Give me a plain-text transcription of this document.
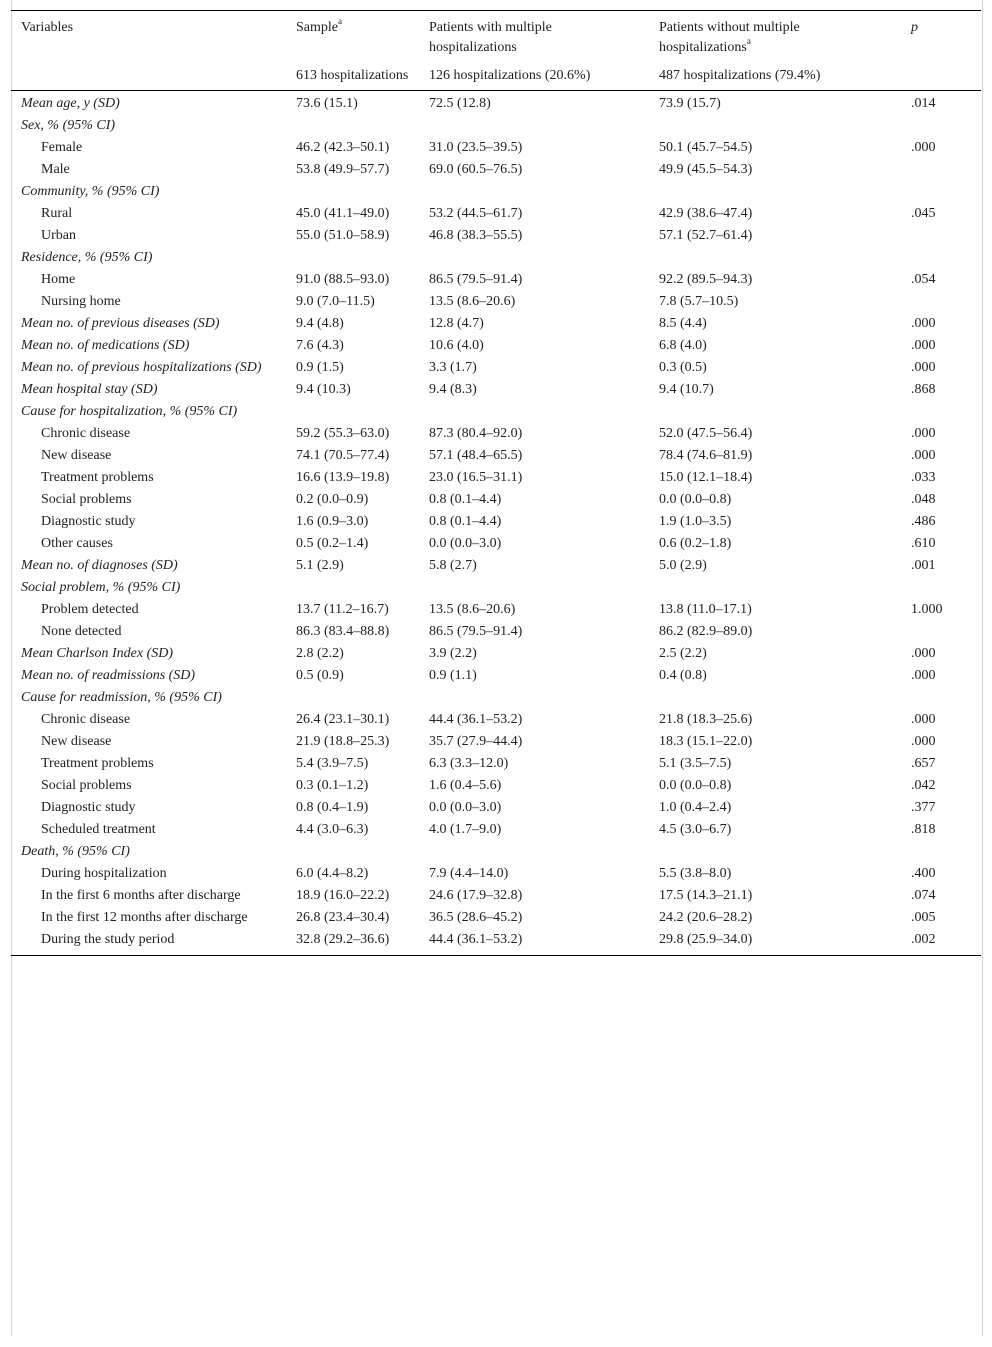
Variables	Sample$^a$	Patients with multiple hospitalizations	Patients without multiple hospitalizations$^a$	p
	613 hospitalizations	126 hospitalizations (20.6%)	487 hospitalizations (79.4%)	
Mean age, y (SD)	73.6 (15.1)	72.5 (12.8)	73.9 (15.7)	.014
Sex, % (95% CI)				
Female	46.2 (42.3–50.1)	31.0 (23.5–39.5)	50.1 (45.7–54.5)	.000
Male	53.8 (49.9–57.7)	69.0 (60.5–76.5)	49.9 (45.5–54.3)	
Community, % (95% CI)				
Rural	45.0 (41.1–49.0)	53.2 (44.5–61.7)	42.9 (38.6–47.4)	.045
Urban	55.0 (51.0–58.9)	46.8 (38.3–55.5)	57.1 (52.7–61.4)	
Residence, % (95% CI)				
Home	91.0 (88.5–93.0)	86.5 (79.5–91.4)	92.2 (89.5–94.3)	.054
Nursing home	9.0 (7.0–11.5)	13.5 (8.6–20.6)	7.8 (5.7–10.5)	
Mean no. of previous diseases (SD)	9.4 (4.8)	12.8 (4.7)	8.5 (4.4)	.000
Mean no. of medications (SD)	7.6 (4.3)	10.6 (4.0)	6.8 (4.0)	.000
Mean no. of previous hospitalizations (SD)	0.9 (1.5)	3.3 (1.7)	0.3 (0.5)	.000
Mean hospital stay (SD)	9.4 (10.3)	9.4 (8.3)	9.4 (10.7)	.868
Cause for hospitalization, % (95% CI)				
Chronic disease	59.2 (55.3–63.0)	87.3 (80.4–92.0)	52.0 (47.5–56.4)	.000
New disease	74.1 (70.5–77.4)	57.1 (48.4–65.5)	78.4 (74.6–81.9)	.000
Treatment problems	16.6 (13.9–19.8)	23.0 (16.5–31.1)	15.0 (12.1–18.4)	.033
Social problems	0.2 (0.0–0.9)	0.8 (0.1–4.4)	0.0 (0.0–0.8)	.048
Diagnostic study	1.6 (0.9–3.0)	0.8 (0.1–4.4)	1.9 (1.0–3.5)	.486
Other causes	0.5 (0.2–1.4)	0.0 (0.0–3.0)	0.6 (0.2–1.8)	.610
Mean no. of diagnoses (SD)	5.1 (2.9)	5.8 (2.7)	5.0 (2.9)	.001
Social problem, % (95% CI)				
Problem detected	13.7 (11.2–16.7)	13.5 (8.6–20.6)	13.8 (11.0–17.1)	1.000
None detected	86.3 (83.4–88.8)	86.5 (79.5–91.4)	86.2 (82.9–89.0)	
Mean Charlson Index (SD)	2.8 (2.2)	3.9 (2.2)	2.5 (2.2)	.000
Mean no. of readmissions (SD)	0.5 (0.9)	0.9 (1.1)	0.4 (0.8)	.000
Cause for readmission, % (95% CI)				
Chronic disease	26.4 (23.1–30.1)	44.4 (36.1–53.2)	21.8 (18.3–25.6)	.000
New disease	21.9 (18.8–25.3)	35.7 (27.9–44.4)	18.3 (15.1–22.0)	.000
Treatment problems	5.4 (3.9–7.5)	6.3 (3.3–12.0)	5.1 (3.5–7.5)	.657
Social problems	0.3 (0.1–1.2)	1.6 (0.4–5.6)	0.0 (0.0–0.8)	.042
Diagnostic study	0.8 (0.4–1.9)	0.0 (0.0–3.0)	1.0 (0.4–2.4)	.377
Scheduled treatment	4.4 (3.0–6.3)	4.0 (1.7–9.0)	4.5 (3.0–6.7)	.818
Death, % (95% CI)				
During hospitalization	6.0 (4.4–8.2)	7.9 (4.4–14.0)	5.5 (3.8–8.0)	.400
In the first 6 months after discharge	18.9 (16.0–22.2)	24.6 (17.9–32.8)	17.5 (14.3–21.1)	.074
In the first 12 months after discharge	26.8 (23.4–30.4)	36.5 (28.6–45.2)	24.2 (20.6–28.2)	.005
During the study period	32.8 (29.2–36.6)	44.4 (36.1–53.2)	29.8 (25.9–34.0)	.002
